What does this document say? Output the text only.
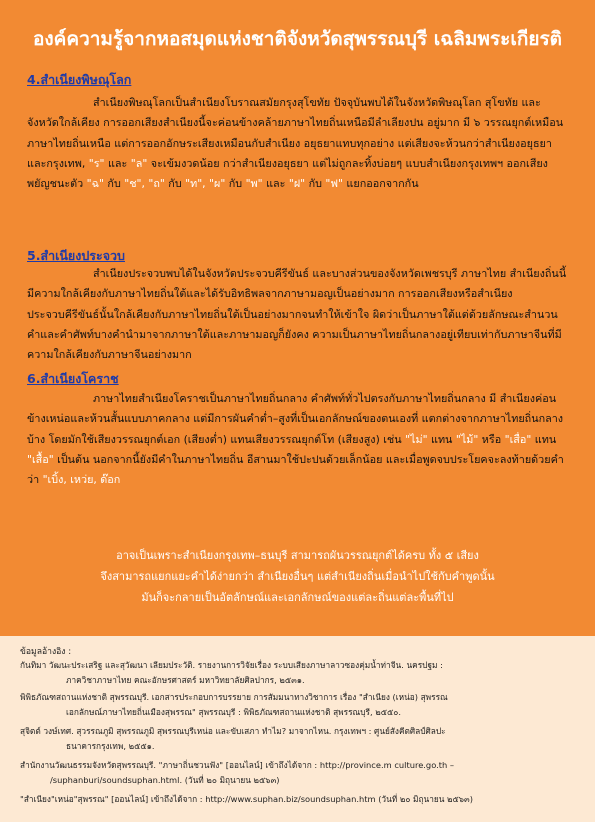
องค์ความรู้จากหอสมุดแห่งชาติจังหวัดสุพรรณบุรี เฉลิมพระเกียรติ
4.สำเนียงพิษณุโลก
สำเนียงพิษณุโลกเป็นสำเนียงโบราณสมัยกรุงสุโขทัย ปัจจุบันพบได้ในจังหวัดพิษณุโลก สุโขทัย และจังหวัดใกล้เคียง การออกเสียงสำเนียงนี้จะค่อนข้างคล้ายภาษาไทยถิ่นเหนือมีลำเลียงปน อยู่มาก มี ๖ วรรณยุกต์เหมือนภาษาไทยถิ่นเหนือ แต่การออกอักษระเสียงเหมือนกับสำเนียง อยุธยาแทบทุกอย่าง แต่เสียงจะห้วนกว่าสำเนียงอยุธยาและกรุงเทพ, "ร" และ "ล" จะเข้มงวดน้อย กว่าสำเนียงอยุธยา แต่ไม่ถูกละทิ้งบ่อยๆ แบบสำเนียงกรุงเทพฯ ออกเสียงพยัญชนะตัว "ฉ" กับ "ช", "ถ" กับ "ท", "ผ" กับ "พ" และ "ฝ" กับ "ฟ" แยกออกจากกัน
5.สำเนียงประจวบ
สำเนียงประจวบพบได้ในจังหวัดประจวบคีรีขันธ์ และบางส่วนของจังหวัดเพชรบุรี ภาษาไทย สำเนียงถิ่นนี้มีความใกล้เคียงกับภาษาไทยถิ่นใต้และได้รับอิทธิพลจากภาษามอญเป็นอย่างมาก การออกเสียงหรือสำเนียงประจวบคีรีขันธ์นั้นใกล้เคียงกับภาษาไทยถิ่นใต้เป็นอย่างมากจนทำให้เข้าใจ ผิดว่าเป็นภาษาใต้แต่ด้วยลักษณะสำนวนคำและคำศัพท์บางคำนำมาจากภาษาใต้และภาษามอญก็ยังคง ความเป็นภาษาไทยถิ่นกลางอยู่เทียบเท่ากับภาษาจีนที่มีความใกล้เคียงกับภาษาจีนอย่างมาก
6.สำเนียงโคราช
ภาษาไทยสำเนียงโคราชเป็นภาษาไทยถิ่นกลาง คำศัพท์ทั่วไปตรงกับภาษาไทยถิ่นกลาง มี สำเนียงค่อนข้างเหน่อและห้วนสั้นแบบภาคกลาง แต่มีการผันคำต่ำ–สูงที่เป็นเอกลักษณ์ของตนเองที่ แตกต่างจากภาษาไทยถิ่นกลางบ้าง โดยมักใช้เสียงวรรณยุกต์เอก (เสียงต่ำ) แทนเสียงวรรณยุกต์โท (เสียงสูง) เช่น "ไม่" แทน "ไม้" หรือ "เสื่อ" แทน "เสื้อ" เป็นต้น นอกจากนี้ยังมีคำในภาษาไทยถิ่น อีสานมาใช้ปะปนด้วยเล็กน้อย และเมื่อพูดจบประโยคจะลงท้ายด้วยคำว่า "เบิ้ง, เหว่ย, ด๊อก
อาจเป็นเพราะสำเนียงกรุงเทพ–ธนบุรี สามารถผันวรรณยุกต์ได้ครบ ทั้ง ๕ เสียง
จึงสามารถแยกแยะคำได้ง่ายกว่า สำเนียงอื่นๆ แต่สำเนียงถิ่นเมื่อนำไปใช้กับคำพูดนั้น
มันก็จะกลายเป็นอัตลักษณ์และเอกลักษณ์ของแต่ละถิ่นแต่ละพื้นที่ไป
ข้อมูลอ้างอิง :
กันทิมา วัฒนะประเสริฐ และสุวัฒนา เลียมประวัติ. รายงานการวิจัยเรื่อง ระบบเสียงภาษาลาวซองคุ่มน้ำท่าจีน. นครปฐม :
ภาควิชาภาษาไทย คณะอักษรศาสตร์ มหาวิทยาลัยศิลปากร, ๒๕๓๑.
พิพิธภัณฑสถานแห่งชาติ สุพรรณบุรี. เอกสารประกอบการบรรยาย การสัมมนาทางวิชาการ เรื่อง "สำเนียง (เหน่อ) สุพรรณ
เอกลักษณ์ภาษาไทยถิ่นเมืองสุพรรณ" สุพรรณบุรี : พิพิธภัณฑสถานแห่งชาติ สุพรรณบุรี, ๒๕๕๐.
สุจิตต์ วงษ์เทศ. สุวรรณภูมิ สุพรรณภูมิ สุพรรณบุรีเหน่อ และขับเสภา ทำไม? มาจากไหน. กรุงเทพฯ : ศูนย์สังคีตศิลป์ศิลปะ
ธนาคารกรุงเทพ, ๒๕๕๑.
สำนักงานวัฒนธรรมจังหวัดสุพรรณบุรี. "ภาษาถิ่นชวนฟัง" [ออนไลน์] เข้าถึงได้จาก : http://province.m culture.go.th –
/suphanburi/soundsuphan.html. (วันที่ ๒๐ มิถุนายน ๒๕๖๓)
"สำเนียง"เหน่อ"สุพรรณ" [ออนไลน์] เข้าถึงได้จาก : http://www.suphan.biz/soundsuphan.htm (วันที่ ๒๐ มิถุนายน ๒๕๖๓)
